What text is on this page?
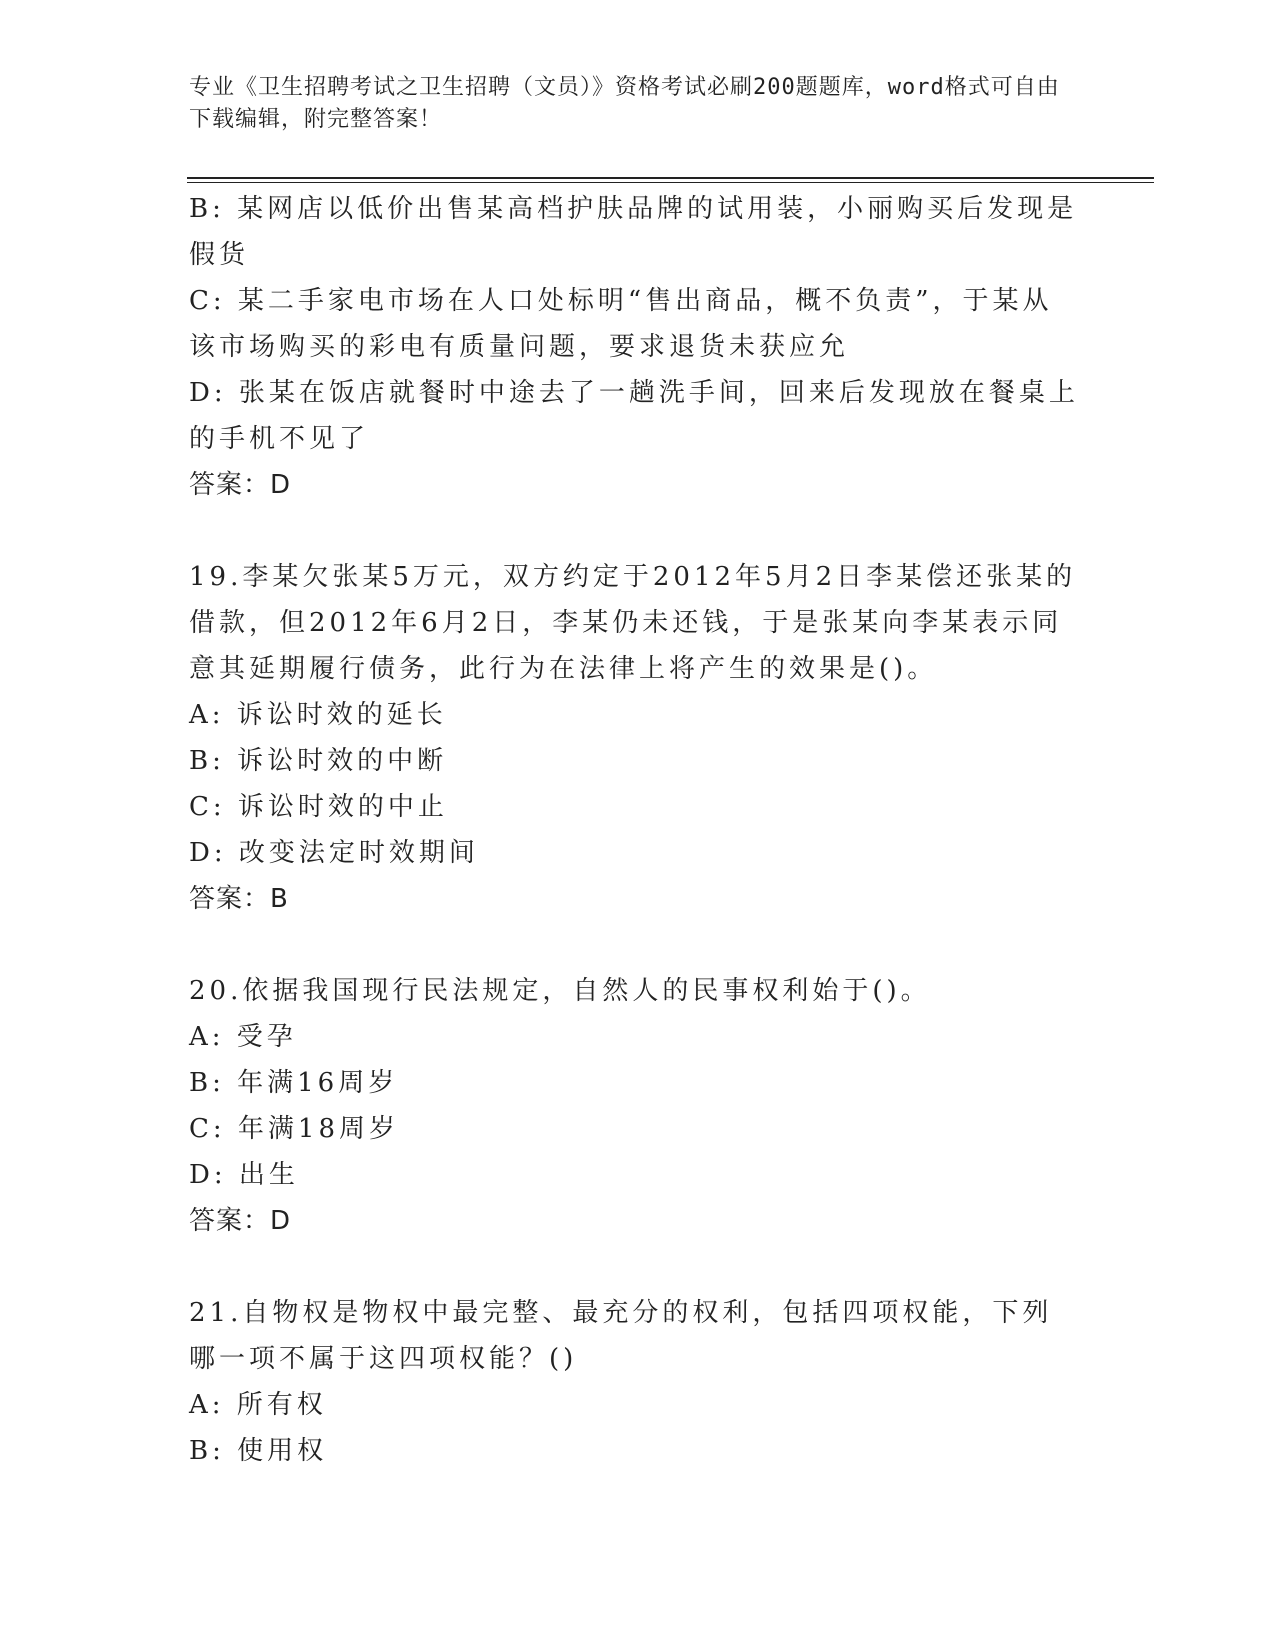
专业《卫生招聘考试之卫生招聘（文员）》资格考试必刷200题题库，word格式可自由下载编辑，附完整答案！

B: 某网店以低价出售某高档护肤品牌的试用装，小丽购买后发现是假货

C: 某二手家电市场在人口处标明“售出商品，概不负责”，于某从该市场购买的彩电有质量问题，要求退货未获应允

D: 张某在饭店就餐时中途去了一趟洗手间，回来后发现放在餐桌上的手机不见了

答案：D

19.李某欠张某5万元，双方约定于2012年5月2日李某偿还张某的借款，但2012年6月2日，李某仍未还钱，于是张某向李某表示同意其延期履行债务，此行为在法律上将产生的效果是()。

A: 诉讼时效的延长

B: 诉讼时效的中断

C: 诉讼时效的中止

D: 改变法定时效期间

答案：B

20.依据我国现行民法规定，自然人的民事权利始于()。

A: 受孕

B: 年满16周岁

C: 年满18周岁

D: 出生

答案：D

21.自物权是物权中最完整、最充分的权利，包括四项权能，下列哪一项不属于这四项权能？()

A: 所有权

B: 使用权
